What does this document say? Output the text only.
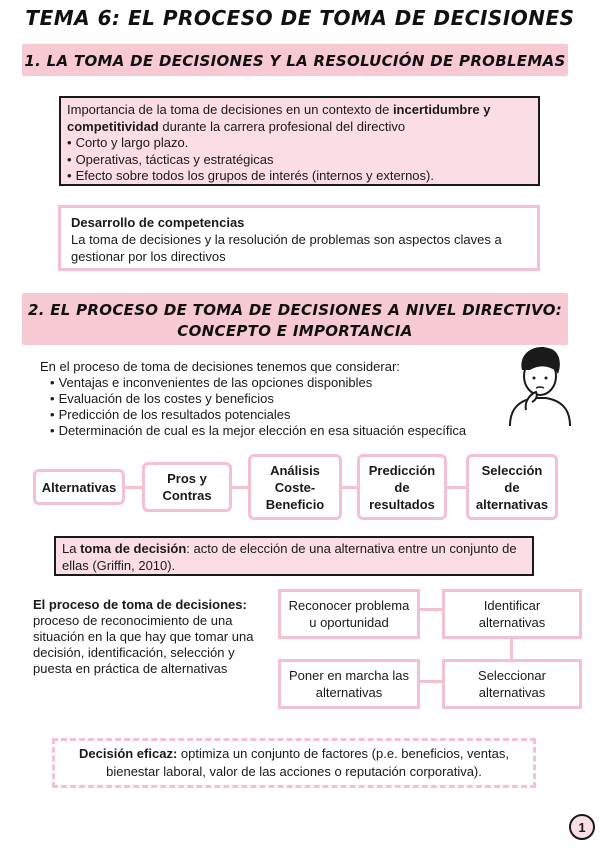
TEMA 6: EL PROCESO DE TOMA DE DECISIONES
1. LA TOMA DE DECISIONES Y LA RESOLUCIÓN DE PROBLEMAS
Importancia de la toma de decisiones en un contexto de incertidumbre y competitividad durante la carrera profesional del directivo
• Corto y largo plazo.
• Operativas, tácticas y estratégicas
• Efecto sobre todos los grupos de interés (internos y externos).
Desarrollo de competencias
La toma de decisiones y la resolución de problemas son aspectos claves a gestionar por los directivos
2. EL PROCESO DE TOMA DE DECISIONES A NIVEL DIRECTIVO:
CONCEPTO E IMPORTANCIA
En el proceso de toma de decisiones tenemos que considerar:
• Ventajas e inconvenientes de las opciones disponibles
• Evaluación de los costes y beneficios
• Predicción de los resultados potenciales
• Determinación de cual es la mejor elección en esa situación específica
Alternativas
Pros y Contras
Análisis Coste-Beneficio
Predicción de resultados
Selección de alternativas
La toma de decisión: acto de elección de una alternativa entre un conjunto de ellas (Griffin, 2010).
El proceso de toma de decisiones:
proceso de reconocimiento de una situación en la que hay que tomar una decisión, identificación, selección y puesta en práctica de alternativas
Reconocer problema u oportunidad
Identificar alternativas
Seleccionar alternativas
Poner en marcha las alternativas
Decisión eficaz: optimiza un conjunto de factores (p.e. beneficios, ventas, bienestar laboral, valor de las acciones o reputación corporativa).
1
